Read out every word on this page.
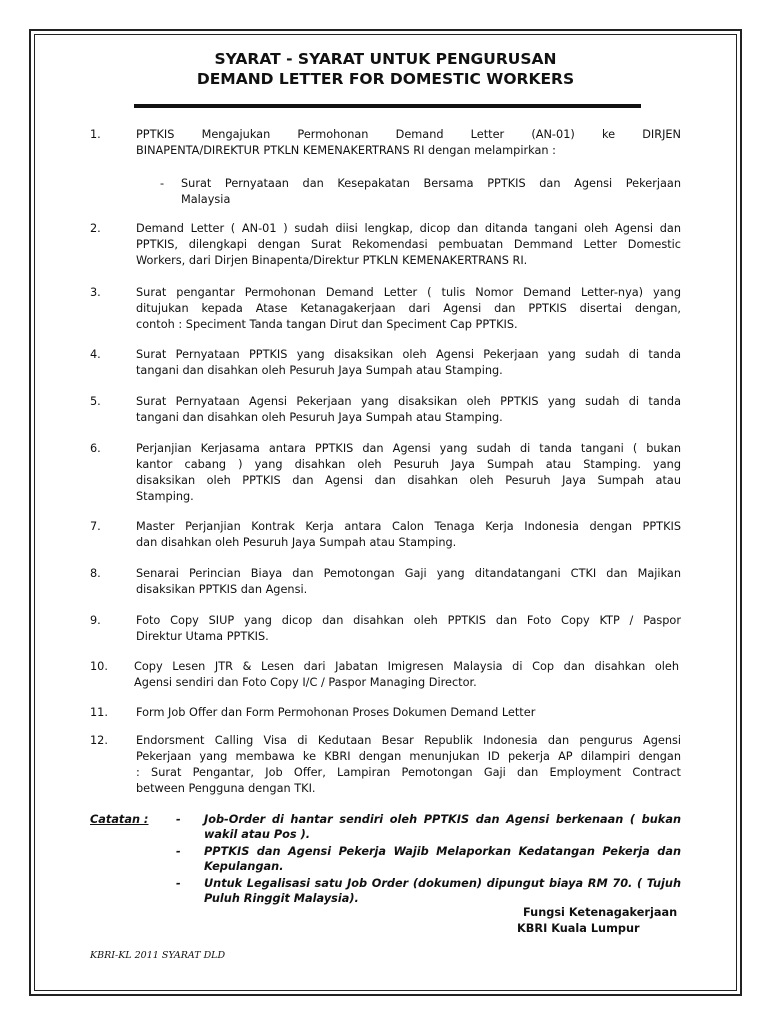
SYARAT - SYARAT UNTUK PENGURUSAN
DEMAND LETTER FOR DOMESTIC WORKERS
1.	PPTKIS Mengajukan Permohonan Demand Letter (AN-01) ke DIRJEN
BINAPENTA/DIREKTUR PTKLN KEMENAKERTRANS RI dengan melampirkan :
2.	Demand Letter ( AN-01 ) sudah diisi lengkap, dicop dan ditanda tangani oleh Agensi dan
PPTKIS, dilengkapi dengan Surat Rekomendasi pembuatan Demmand Letter Domestic
Workers, dari Dirjen Binapenta/Direktur PTKLN KEMENAKERTRANS RI.
3.	Surat pengantar Permohonan Demand Letter ( tulis Nomor Demand Letter-nya) yang
ditujukan kepada Atase Ketanagakerjaan dari Agensi dan PPTKIS disertai dengan,
contoh : Speciment Tanda tangan Dirut dan Speciment Cap PPTKIS.
4.	Surat Pernyataan PPTKIS yang disaksikan oleh Agensi Pekerjaan yang sudah di tanda
tangani dan disahkan oleh Pesuruh Jaya Sumpah atau Stamping.
5.	Surat Pernyataan Agensi Pekerjaan yang disaksikan oleh PPTKIS yang sudah di tanda
tangani dan disahkan oleh Pesuruh Jaya Sumpah atau Stamping.
6.	Perjanjian Kerjasama antara PPTKIS dan Agensi yang sudah di tanda tangani ( bukan
kantor cabang ) yang disahkan oleh Pesuruh Jaya Sumpah atau Stamping. yang
disaksikan oleh PPTKIS dan Agensi dan disahkan oleh Pesuruh Jaya Sumpah atau
Stamping.
7.	Master Perjanjian Kontrak Kerja antara Calon Tenaga Kerja Indonesia dengan PPTKIS
dan disahkan oleh Pesuruh Jaya Sumpah atau Stamping.
8.	Senarai Perincian Biaya dan Pemotongan Gaji yang ditandatangani CTKI dan Majikan
disaksikan PPTKIS dan Agensi.
9.	Foto Copy SIUP yang dicop dan disahkan oleh PPTKIS dan Foto Copy KTP / Paspor
Direktur Utama PPTKIS.
10. Copy Lesen JTR & Lesen dari Jabatan Imigresen Malaysia di Cop dan disahkan oleh
Agensi sendiri dan Foto Copy I/C / Paspor Managing Director.
11. Form Job Offer dan Form Permohonan Proses Dokumen Demand Letter
12. Endorsment Calling Visa di Kedutaan Besar Republik Indonesia dan pengurus Agensi
Pekerjaan yang membawa ke KBRI dengan menunjukan ID pekerja AP dilampiri dengan
: Surat Pengantar, Job Offer, Lampiran Pemotongan Gaji dan Employment Contract
between Pengguna dengan TKI.
- Surat Pernyataan dan Kesepakatan Bersama PPTKIS dan Agensi Pekerjaan
Malaysia
Catatan : - Job-Order di hantar sendiri oleh PPTKIS dan Agensi berkenaan ( bukan
wakil atau Pos ).
- PPTKIS dan Agensi Pekerja Wajib Melaporkan Kedatangan Pekerja dan
Kepulangan.
- Untuk Legalisasi satu Job Order (dokumen) dipungut biaya RM 70. ( Tujuh
Puluh Ringgit Malaysia).
Fungsi Ketenagakerjaan
KBRI Kuala Lumpur
KBRI-KL 2011 SYARAT DLD
